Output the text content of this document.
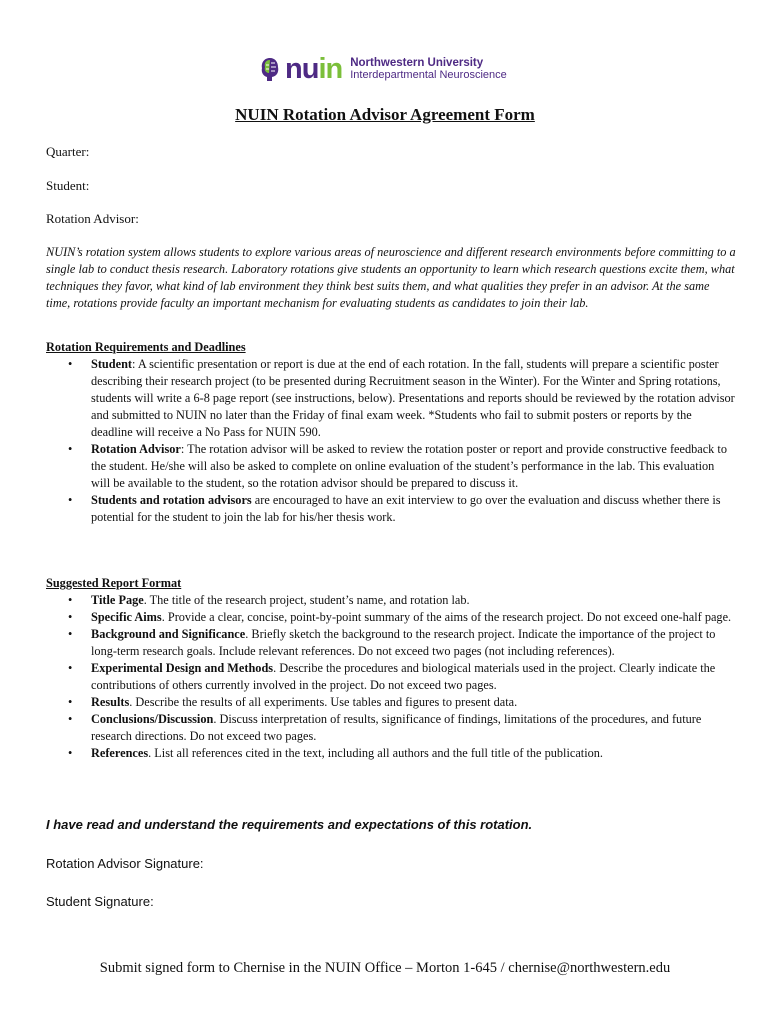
nuin Northwestern University
Interdepartmental Neuroscience
NUIN Rotation Advisor Agreement Form
Quarter:
Student:
Rotation Advisor:
NUIN’s rotation system allows students to explore various areas of neuroscience and different research environments before committing to a single lab to conduct thesis research. Laboratory rotations give students an opportunity to learn which research questions excite them, what techniques they favor, what kind of lab environment they think best suits them, and what qualities they prefer in an advisor. At the same time, rotations provide faculty an important mechanism for evaluating students as candidates to join their lab.
Rotation Requirements and Deadlines
• Student: A scientific presentation or report is due at the end of each rotation. In the fall, students will prepare a scientific poster describing their research project (to be presented during Recruitment season in the Winter). For the Winter and Spring rotations, students will write a 6-8 page report (see instructions, below). Presentations and reports should be reviewed by the rotation advisor and submitted to NUIN no later than the Friday of final exam week. *Students who fail to submit posters or reports by the deadline will receive a No Pass for NUIN 590.
• Rotation Advisor: The rotation advisor will be asked to review the rotation poster or report and provide constructive feedback to the student. He/she will also be asked to complete on online evaluation of the student’s performance in the lab. This evaluation will be available to the student, so the rotation advisor should be prepared to discuss it.
• Students and rotation advisors are encouraged to have an exit interview to go over the evaluation and discuss whether there is potential for the student to join the lab for his/her thesis work.
Suggested Report Format
• Title Page. The title of the research project, student’s name, and rotation lab.
• Specific Aims. Provide a clear, concise, point-by-point summary of the aims of the research project. Do not exceed one-half page.
• Background and Significance. Briefly sketch the background to the research project. Indicate the importance of the project to long-term research goals. Include relevant references. Do not exceed two pages (not including references).
• Experimental Design and Methods. Describe the procedures and biological materials used in the project. Clearly indicate the contributions of others currently involved in the project. Do not exceed two pages.
• Results. Describe the results of all experiments. Use tables and figures to present data.
• Conclusions/Discussion. Discuss interpretation of results, significance of findings, limitations of the procedures, and future research directions. Do not exceed two pages.
• References. List all references cited in the text, including all authors and the full title of the publication.
I have read and understand the requirements and expectations of this rotation.
Rotation Advisor Signature:
Student Signature:
Submit signed form to Chernise in the NUIN Office – Morton 1-645 / chernise@northwestern.edu
